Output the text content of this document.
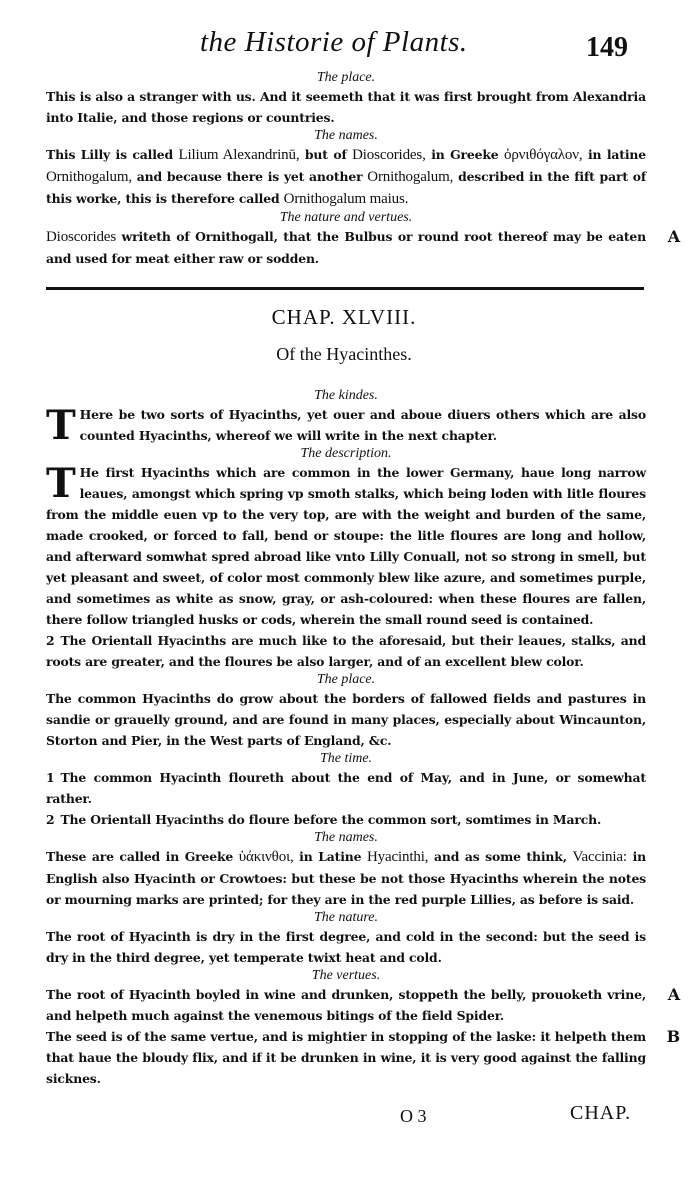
the Historie of Plants.	149

The place.

This is also a stranger with us. And it seemeth that it was first brought from Alexandria into Italie, and those regions or countries.

The names.

This Lilly is called Lilium Alexandrinū, but of Dioscorides, in Greeke ὀρνιθόγαλον, in latine Ornithogalum, and because there is yet another Ornithogalum, described in the fift part of this worke, this is therefore called Ornithogalum maius.

The nature and vertues.

Dioscorides writeth of Ornithogall, that the Bulbus or round root thereof may be eaten and used for meat either raw or sodden.
A

CHAP. XLVIII.
Of the Hyacinthes.

The kindes.

T Here be two sorts of Hyacinths, yet ouer and aboue diuers others which are also counted Hyacinths, whereof we will write in the next chapter.

The description.

T He first Hyacinths which are common in the lower Germany, haue long narrow leaues, amongst which spring vp smoth stalks, which being loden with litle floures from the middle euen vp to the very top, are with the weight and burden of the same, made crooked, or forced to fall, bend or stoupe: the litle floures are long and hollow, and afterward somwhat spred abroad like vnto Lilly Conuall, not so strong in smell, but yet pleasant and sweet, of color most commonly blew like azure, and sometimes purple, and sometimes as white as snow, gray, or ash-coloured: when these floures are fallen, there follow triangled husks or cods, wherein the small round seed is contained.

2 The Orientall Hyacinths are much like to the aforesaid, but their leaues, stalks, and roots are greater, and the floures be also larger, and of an excellent blew color.

The place.

The common Hyacinths do grow about the borders of fallowed fields and pastures in sandie or grauelly ground, and are found in many places, especially about Wincaunton, Storton and Pier, in the West parts of England, &c.

The time.

1 The common Hyacinth floureth about the end of May, and in June, or somewhat rather.

2 The Orientall Hyacinths do floure before the common sort, somtimes in March.

The names.

These are called in Greeke ὑάκινθοι, in Latine Hyacinthi, and as some think, Vaccinia: in English also Hyacinth or Crowtoes: but these be not those Hyacinths wherein the notes or mourning marks are printed; for they are in the red purple Lillies, as before is said.

The nature.

The root of Hyacinth is dry in the first degree, and cold in the second: but the seed is dry in the third degree, yet temperate twixt heat and cold.

The vertues.

The root of Hyacinth boyled in wine and drunken, stoppeth the belly, prouoketh vrine, and helpeth much against the venemous bitings of the field Spider.
A

The seed is of the same vertue, and is mightier in stopping of the laske: it helpeth them that haue the bloudy flix, and if it be drunken in wine, it is very good against the falling sicknes.
B

O 3	CHAP.
